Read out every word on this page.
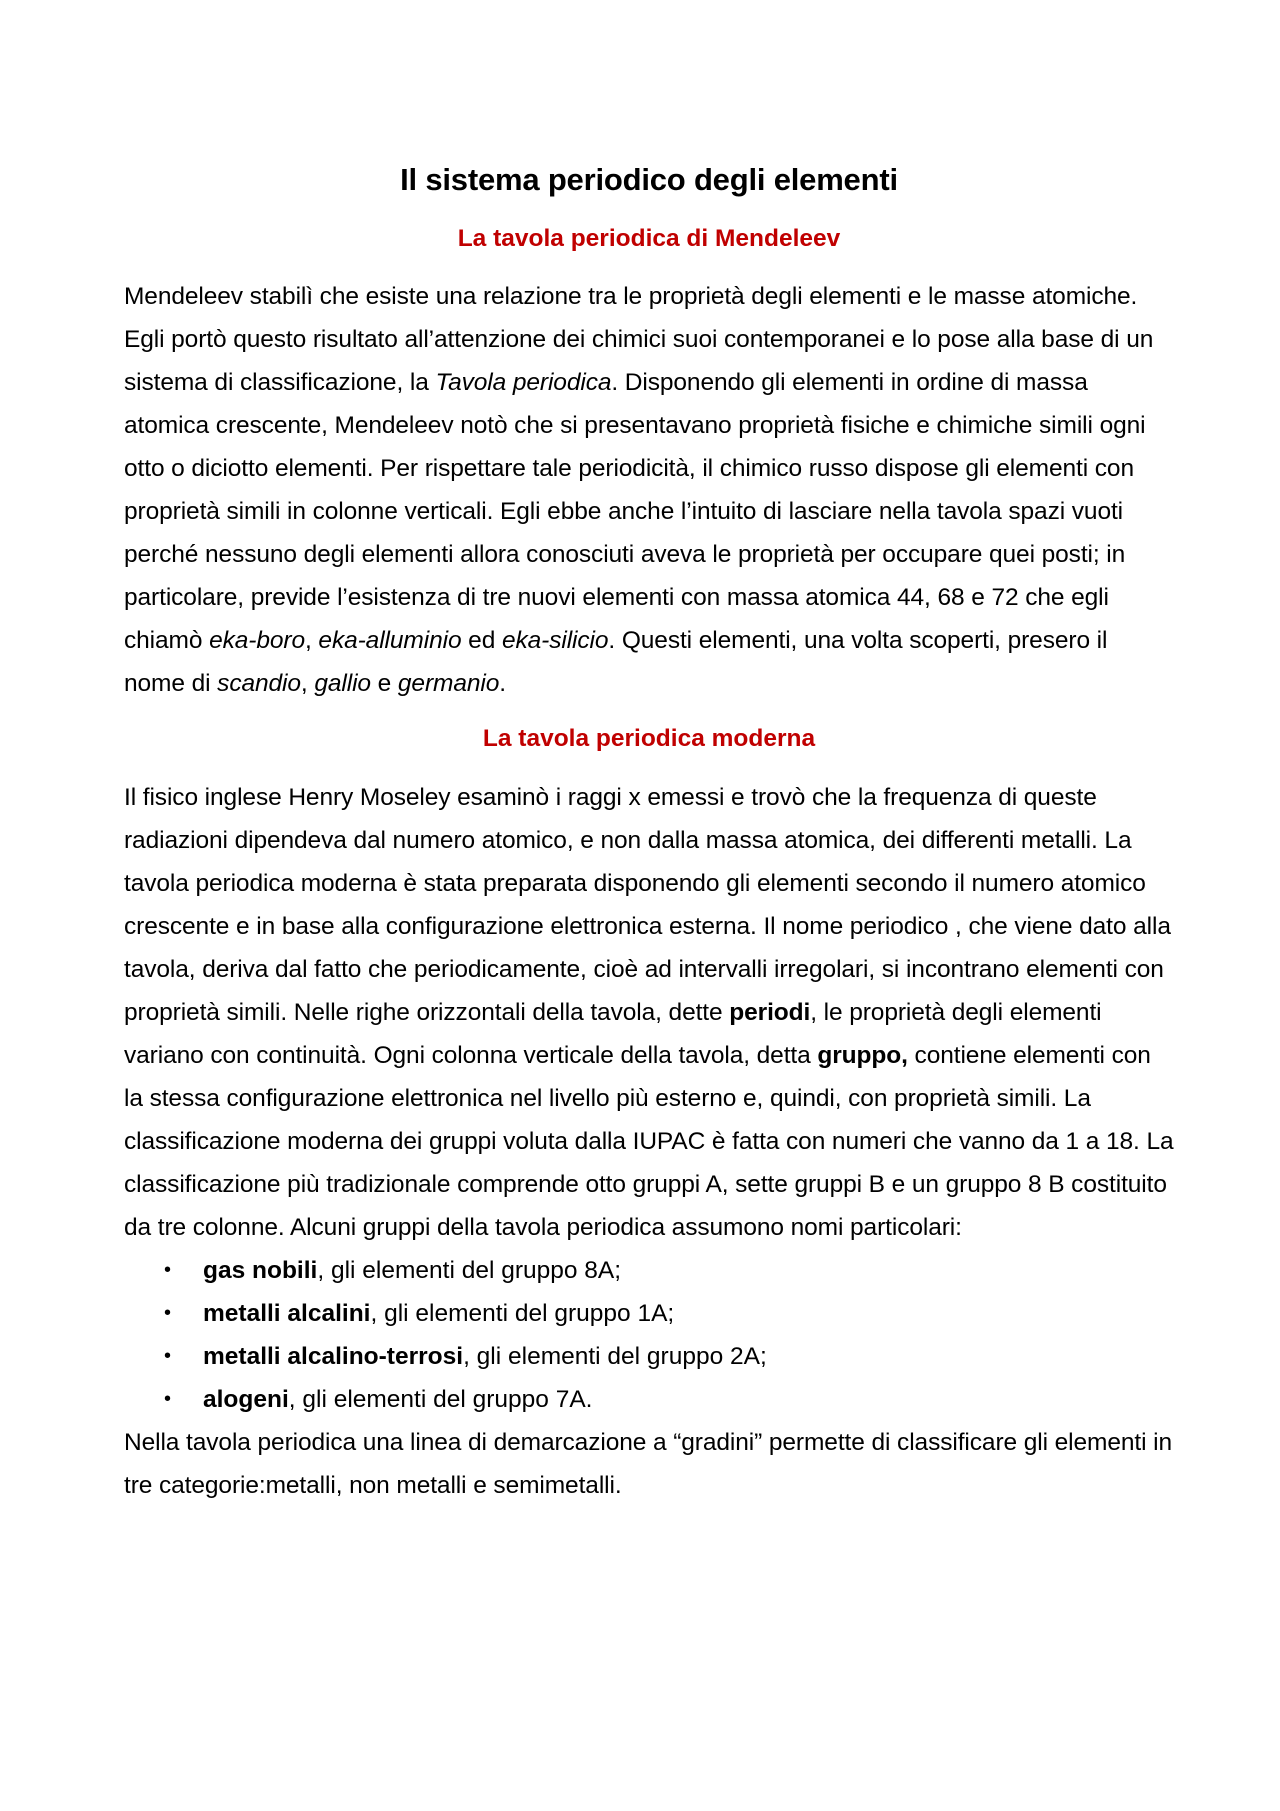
Il sistema periodico degli elementi
La tavola periodica di Mendeleev

Mendeleev stabilì che esiste una relazione tra le proprietà degli elementi e le masse atomiche. Egli portò questo risultato all’attenzione dei chimici suoi contemporanei e lo pose alla base di un sistema di classificazione, la Tavola periodica. Disponendo gli elementi in ordine di massa atomica crescente, Mendeleev notò che si presentavano proprietà fisiche e chimiche simili ogni otto o diciotto elementi. Per rispettare tale periodicità, il chimico russo dispose gli elementi con proprietà simili in colonne verticali. Egli ebbe anche l’intuito di lasciare nella tavola spazi vuoti perché nessuno degli elementi allora conosciuti aveva le proprietà per occupare quei posti; in particolare, previde l’esistenza di tre nuovi elementi con massa atomica 44, 68 e 72 che egli chiamò eka-boro, eka-alluminio ed eka-silicio. Questi elementi, una volta scoperti, presero il nome di scandio, gallio e germanio.

La tavola periodica moderna

Il fisico inglese Henry Moseley esaminò i raggi x emessi e trovò che la frequenza di queste radiazioni dipendeva dal numero atomico, e non dalla massa atomica, dei differenti metalli. La tavola periodica moderna è stata preparata disponendo gli elementi secondo il numero atomico crescente e in base alla configurazione elettronica esterna. Il nome periodico , che viene dato alla tavola, deriva dal fatto che periodicamente, cioè ad intervalli irregolari, si incontrano elementi con proprietà simili. Nelle righe orizzontali della tavola, dette periodi, le proprietà degli elementi variano con continuità. Ogni colonna verticale della tavola, detta gruppo, contiene elementi con la stessa configurazione elettronica nel livello più esterno e, quindi, con proprietà simili. La classificazione moderna dei gruppi voluta dalla IUPAC è fatta con numeri che vanno da 1 a 18. La classificazione più tradizionale comprende otto gruppi A, sette gruppi B e un gruppo 8 B costituito da tre colonne. Alcuni gruppi della tavola periodica assumono nomi particolari:

• gas nobili, gli elementi del gruppo 8A;
• metalli alcalini, gli elementi del gruppo 1A;
• metalli alcalino-terrosi, gli elementi del gruppo 2A;
• alogeni, gli elementi del gruppo 7A.

Nella tavola periodica una linea di demarcazione a “gradini” permette di classificare gli elementi in tre categorie:metalli, non metalli e semimetalli.
